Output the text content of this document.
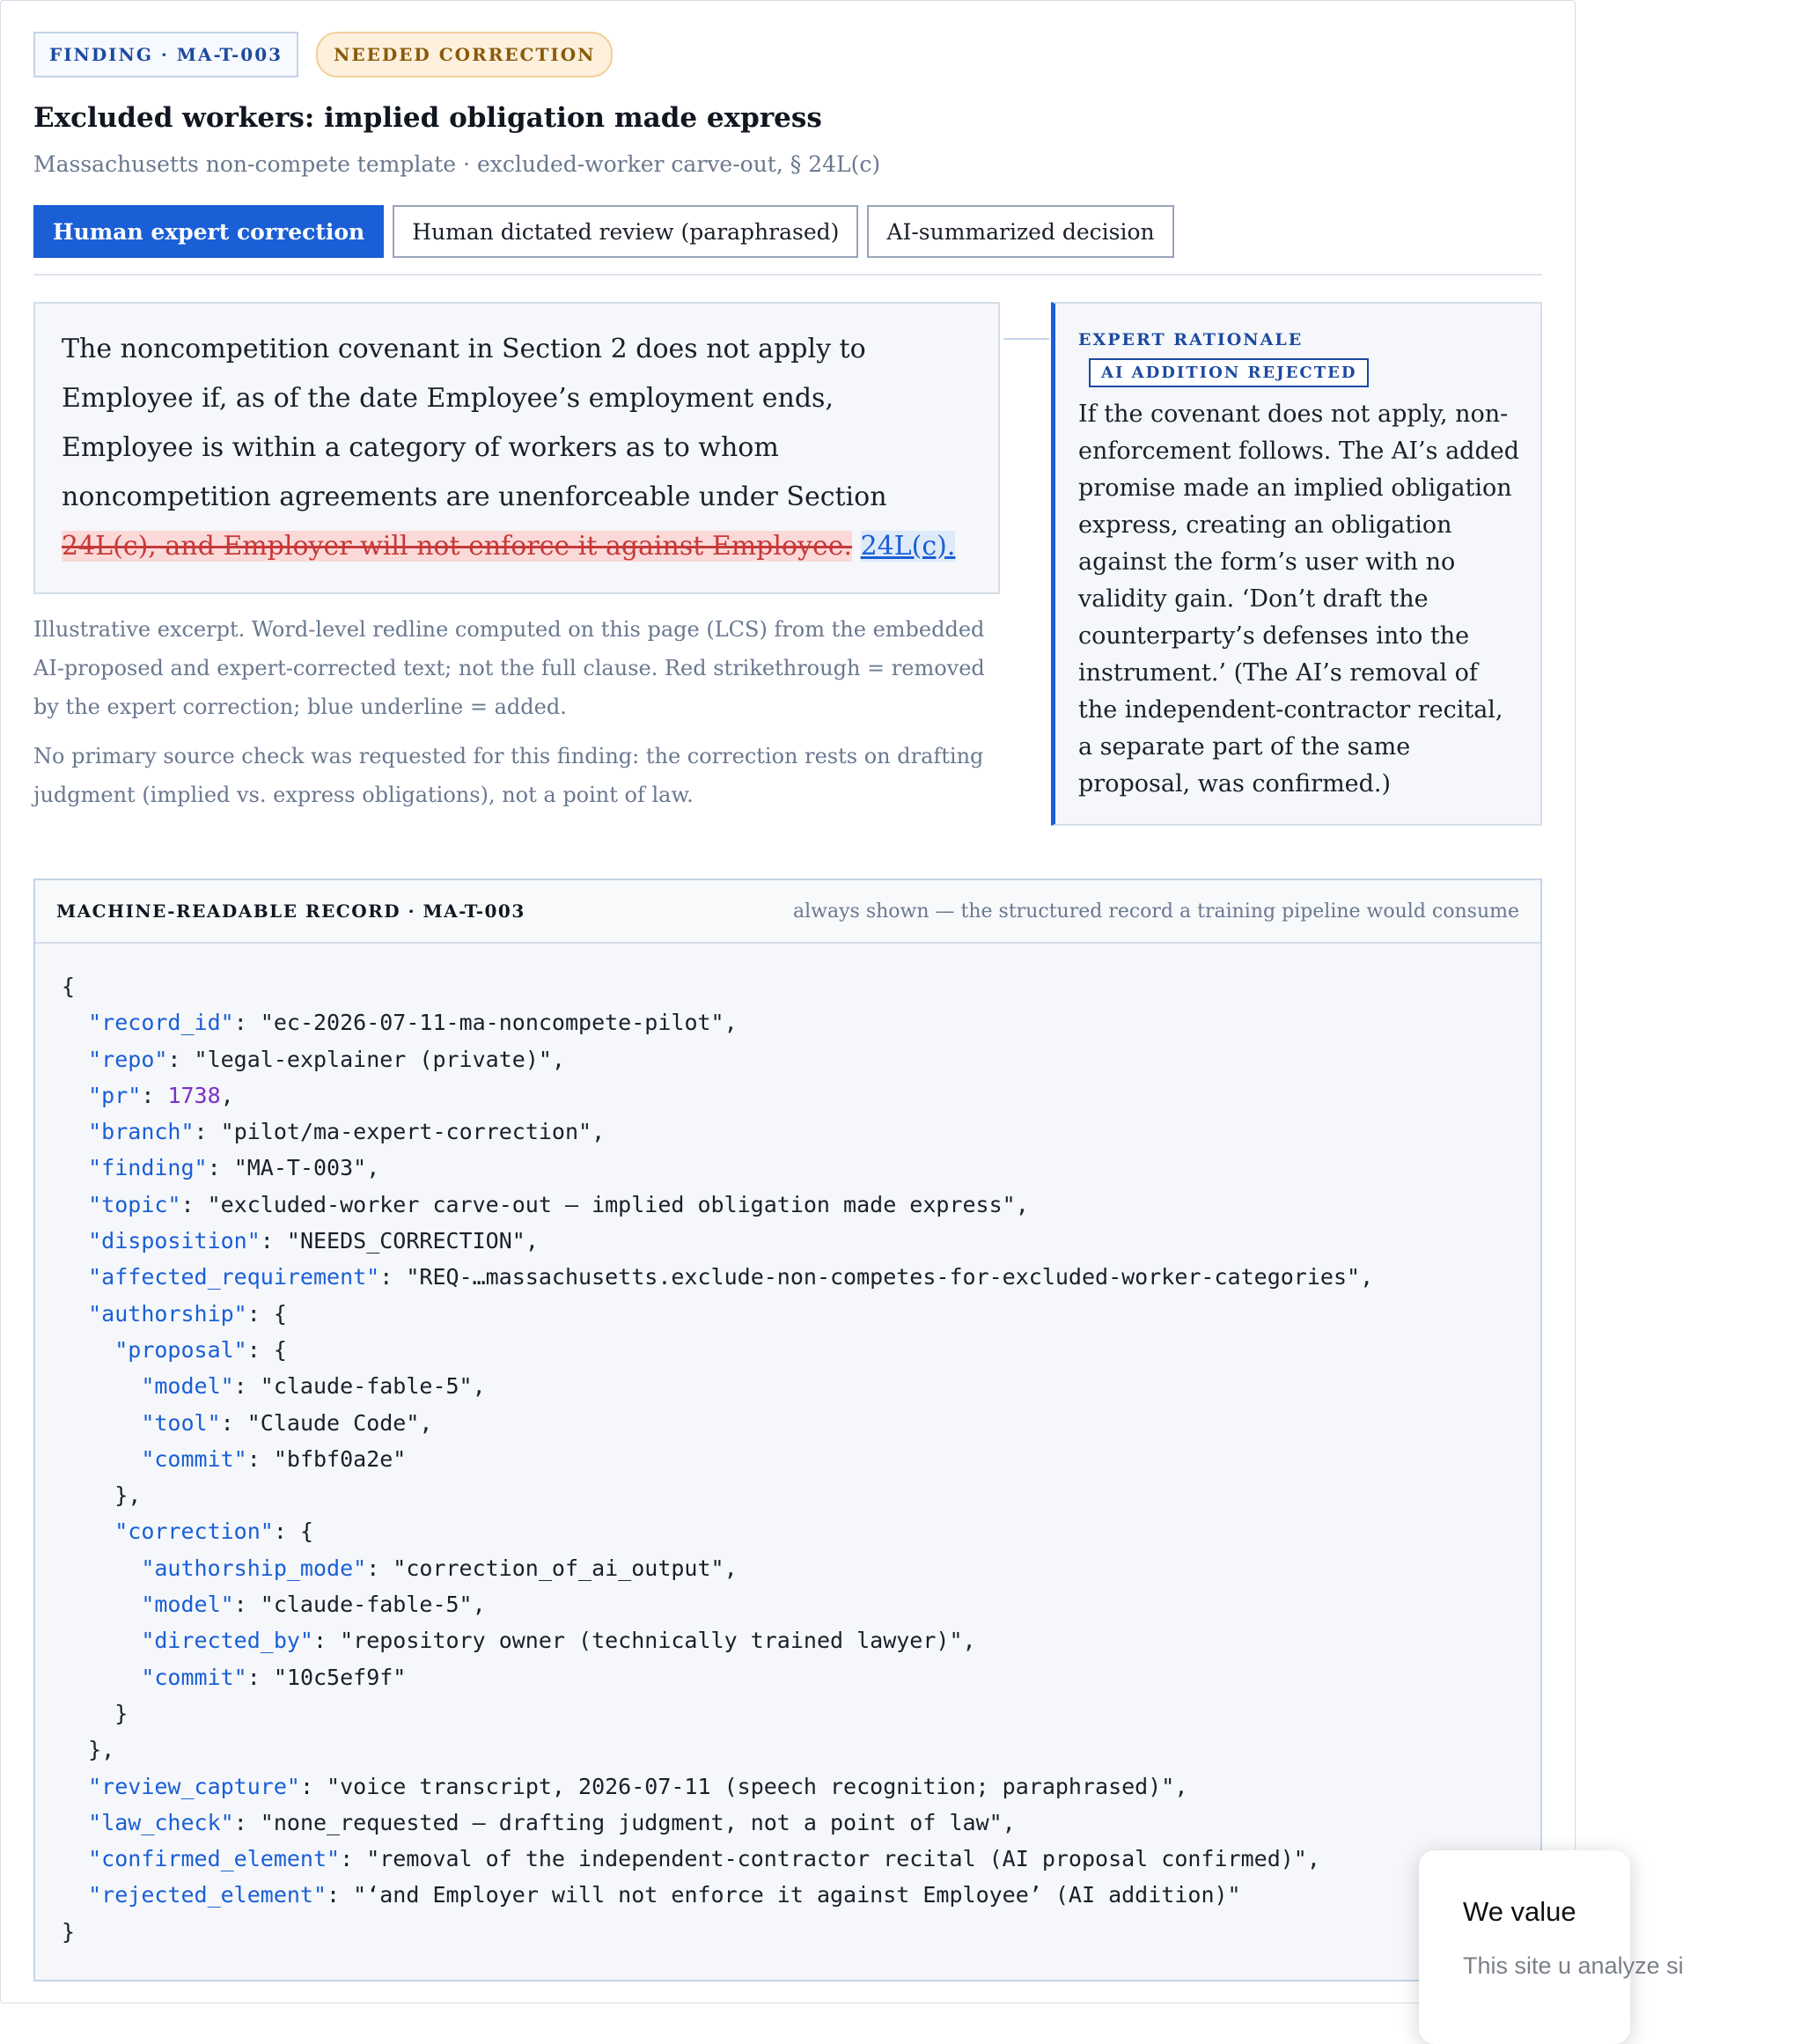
FINDING · MA-T-003	NEEDED CORRECTION
Excluded workers: implied obligation made express
Massachusetts non-compete template · excluded-worker carve-out, § 24L(c)
Human expert correction	Human dictated review (paraphrased)	AI-summarized decision
The noncompetition covenant in Section 2 does not apply to Employee if, as of the date Employee’s employment ends, Employee is within a category of workers as to whom noncompetition agreements are unenforceable under Section 24L(c), and Employer will not enforce it against Employee. 24L(c).
Illustrative excerpt. Word-level redline computed on this page (LCS) from the embedded AI-proposed and expert-corrected text; not the full clause. Red strikethrough = removed by the expert correction; blue underline = added.
No primary source check was requested for this finding: the correction rests on drafting judgment (implied vs. express obligations), not a point of law.
EXPERT RATIONALE
AI ADDITION REJECTED
If the covenant does not apply, non-enforcement follows. The AI’s added promise made an implied obligation express, creating an obligation against the form’s user with no validity gain. ‘Don’t draft the counterparty’s defenses into the instrument.’ (The AI’s removal of the independent-contractor recital, a separate part of the same proposal, was confirmed.)
MACHINE-READABLE RECORD · MA-T-003	always shown — the structured record a training pipeline would consume
{
"record_id": "ec-2026-07-11-ma-noncompete-pilot",
"repo": "legal-explainer (private)",
"pr": 1738,
"branch": "pilot/ma-expert-correction",
"finding": "MA-T-003",
"topic": "excluded-worker carve-out — implied obligation made express",
"disposition": "NEEDS_CORRECTION",
"affected_requirement": "REQ-…massachusetts.exclude-non-competes-for-excluded-worker-categories",
"authorship": {
"proposal": {
"model": "claude-fable-5",
"tool": "Claude Code",
"commit": "bfbf0a2e"
},
"correction": {
"authorship_mode": "correction_of_ai_output",
"model": "claude-fable-5",
"directed_by": "repository owner (technically trained lawyer)",
"commit": "10c5ef9f"
}
},
"review_capture": "voice transcript, 2026-07-11 (speech recognition; paraphrased)",
"law_check": "none_requested — drafting judgment, not a point of law",
"confirmed_element": "removal of the independent-contractor recital (AI proposal confirmed)",
"rejected_element": "‘and Employer will not enforce it against Employee’ (AI addition)"
}
We value
This site u analyze si
